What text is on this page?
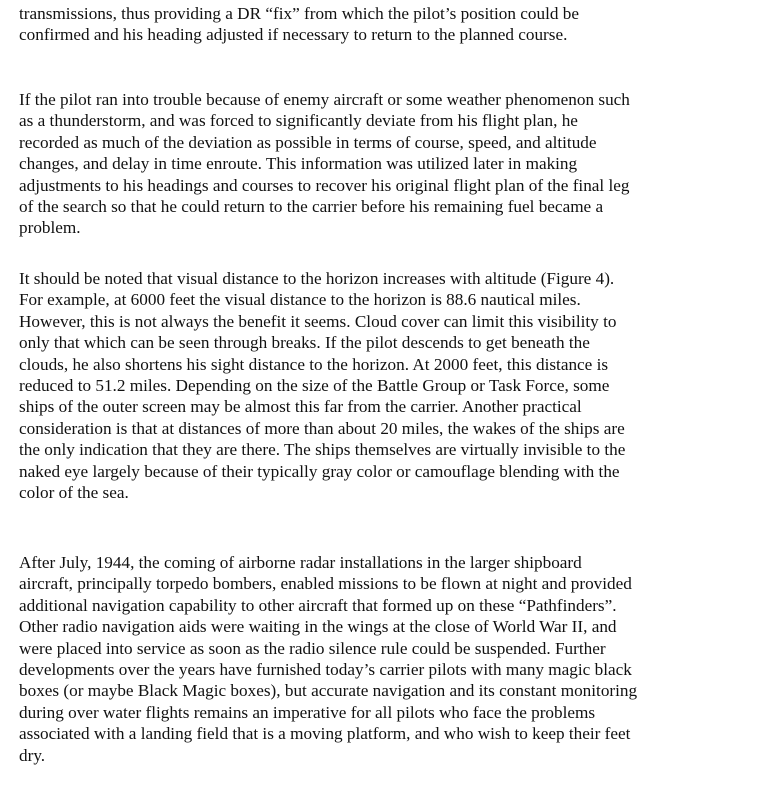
transmissions, thus providing a DR “fix” from which the pilot’s position could be
confirmed and his heading adjusted if necessary to return to the planned course.

If the pilot ran into trouble because of enemy aircraft or some weather phenomenon such
as a thunderstorm, and was forced to significantly deviate from his flight plan, he
recorded as much of the deviation as possible in terms of course, speed, and altitude
changes, and delay in time enroute. This information was utilized later in making
adjustments to his headings and courses to recover his original flight plan of the final leg
of the search so that he could return to the carrier before his remaining fuel became a
problem.

It should be noted that visual distance to the horizon increases with altitude (Figure 4).
For example, at 6000 feet the visual distance to the horizon is 88.6 nautical miles.
However, this is not always the benefit it seems. Cloud cover can limit this visibility to
only that which can be seen through breaks. If the pilot descends to get beneath the
clouds, he also shortens his sight distance to the horizon. At 2000 feet, this distance is
reduced to 51.2 miles. Depending on the size of the Battle Group or Task Force, some
ships of the outer screen may be almost this far from the carrier. Another practical
consideration is that at distances of more than about 20 miles, the wakes of the ships are
the only indication that they are there. The ships themselves are virtually invisible to the
naked eye largely because of their typically gray color or camouflage blending with the
color of the sea.

After July, 1944, the coming of airborne radar installations in the larger shipboard
aircraft, principally torpedo bombers, enabled missions to be flown at night and provided
additional navigation capability to other aircraft that formed up on these “Pathfinders”.
Other radio navigation aids were waiting in the wings at the close of World War II, and
were placed into service as soon as the radio silence rule could be suspended. Further
developments over the years have furnished today’s carrier pilots with many magic black
boxes (or maybe Black Magic boxes), but accurate navigation and its constant monitoring
during over water flights remains an imperative for all pilots who face the problems
associated with a landing field that is a moving platform, and who wish to keep their feet
dry.
